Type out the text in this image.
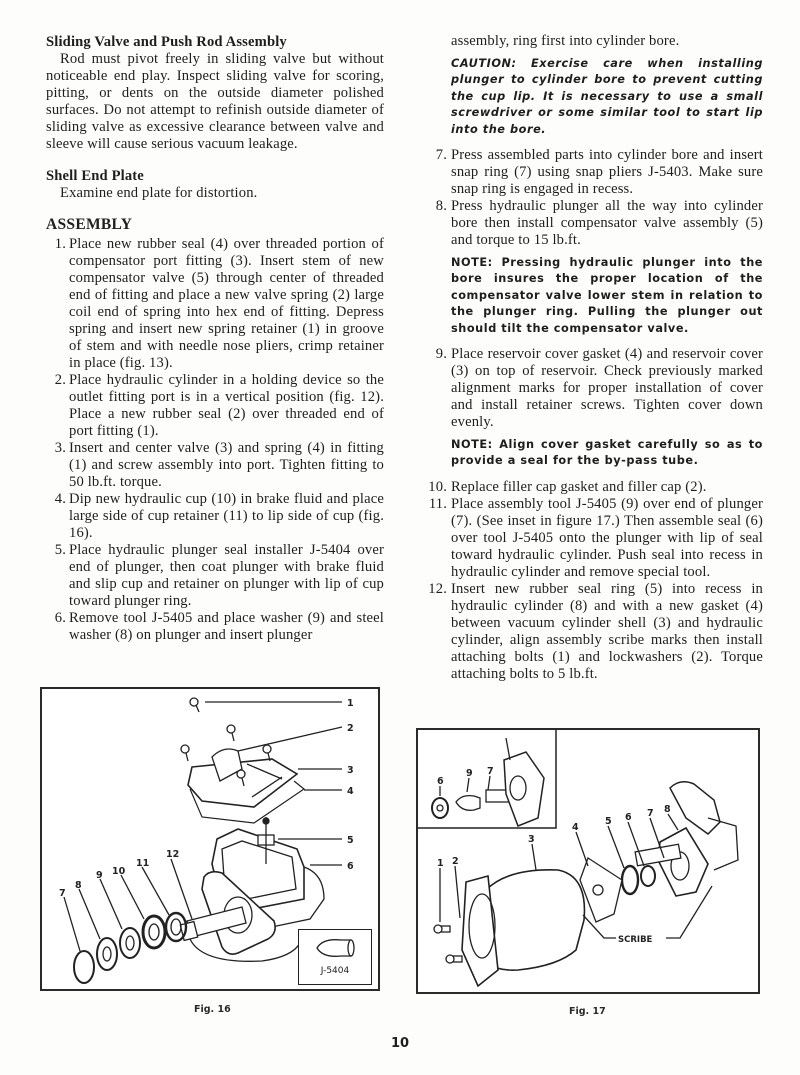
Sliding Valve and Push Rod Assembly

Rod must pivot freely in sliding valve but without noticeable end play. Inspect sliding valve for scoring, pitting, or dents on the outside diameter polished surfaces. Do not attempt to refinish outside diameter of sliding valve as excessive clearance between valve and sleeve will cause serious vacuum leakage.

Shell End Plate

Examine end plate for distortion.

ASSEMBLY
1. Place new rubber seal (4) over threaded portion of compensator port fitting (3). Insert stem of new compensator valve (5) through center of threaded end of fitting and place a new valve spring (2) large coil end of spring into hex end of fitting. Depress spring and insert new spring retainer (1) in groove of stem and with needle nose pliers, crimp retainer in place (fig. 13).
2. Place hydraulic cylinder in a holding device so the outlet fitting port is in a vertical position (fig. 12). Place a new rubber seal (2) over threaded end of port fitting (1).
3. Insert and center valve (3) and spring (4) in fitting (1) and screw assembly into port. Tighten fitting to 50 lb.ft. torque.
4. Dip new hydraulic cup (10) in brake fluid and place large side of cup retainer (11) to lip side of cup (fig. 16).
5. Place hydraulic plunger seal installer J-5404 over end of plunger, then coat plunger with brake fluid and slip cup and retainer on plunger with lip of cup toward plunger ring.
6. Remove tool J-5405 and place washer (9) and steel washer (8) on plunger and insert plunger

assembly, ring first into cylinder bore.

CAUTION: Exercise care when installing plunger to cylinder bore to prevent cutting the cup lip. It is necessary to use a small screwdriver or some similar tool to start lip into the bore.

7. Press assembled parts into cylinder bore and insert snap ring (7) using snap pliers J-5403. Make sure snap ring is engaged in recess.
8. Press hydraulic plunger all the way into cylinder bore then install compensator valve assembly (5) and torque to 15 lb.ft.

NOTE: Pressing hydraulic plunger into the bore insures the proper location of the compensator valve lower stem in relation to the plunger ring. Pulling the plunger out should tilt the compensator valve.

9. Place reservoir cover gasket (4) and reservoir cover (3) on top of reservoir. Check previously marked alignment marks for proper installation of cover and install retainer screws. Tighten cover down evenly.

NOTE: Align cover gasket carefully so as to provide a seal for the by-pass tube.

10. Replace filler cap gasket and filler cap (2).
11. Place assembly tool J-5405 (9) over end of plunger (7). (See inset in figure 17.) Then assemble seal (6) over tool J-5405 onto the plunger with lip of seal toward hydraulic cylinder. Push seal into recess in hydraulic cylinder and remove special tool.
12. Insert new rubber seal ring (5) into recess in hydraulic cylinder (8) and with a new gasket (4) between vacuum cylinder shell (3) and hydraulic cylinder, align assembly scribe marks then install attaching bolts (1) and lockwashers (2). Torque attaching bolts to 5 lb.ft.
1
2
3
4
5
6
7
8
9 10
11
12
J-5404
Fig. 16
6
9 7
1 2
3
4
5 6 7 8
SCRIBE
Fig. 17
10
